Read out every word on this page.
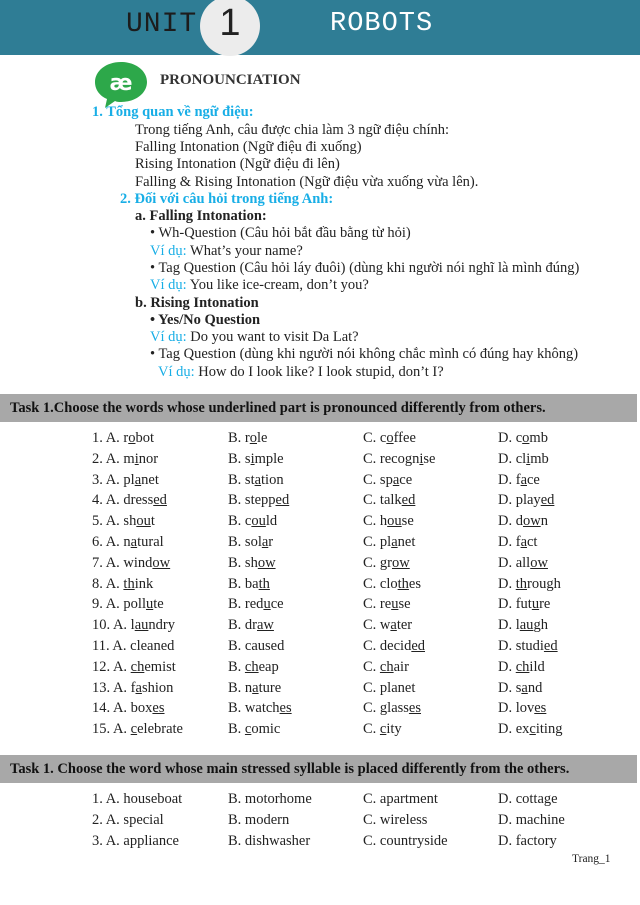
UNIT 1	ROBOTS
æ PRONOUNCIATION
1. Tổng quan về ngữ điệu:
Trong tiếng Anh, câu được chia làm 3 ngữ điệu chính:
Falling Intonation (Ngữ điệu đi xuống)
Rising Intonation (Ngữ điệu đi lên)
Falling & Rising Intonation (Ngữ điệu vừa xuống vừa lên).
2. Đối với câu hỏi trong tiếng Anh:
a. Falling Intonation:
• Wh-Question (Câu hỏi bắt đầu bằng từ hỏi)
Ví dụ: What’s your name?
• Tag Question (Câu hỏi láy đuôi) (dùng khi người nói nghĩ là mình đúng)
Ví dụ: You like ice-cream, don’t you?
b. Rising Intonation
• Yes/No Question
Ví dụ: Do you want to visit Da Lat?
• Tag Question (dùng khi người nói không chắc mình có đúng hay không)
Ví dụ: How do I look like? I look stupid, don’t I?
Task 1.Choose the words whose underlined part is pronounced differently from others.
1. A. robot	B. role	C. coffee	D. comb
2. A. minor	B. simple	C. recognise	D. climb
3. A. planet	B. station	C. space	D. face
4. A. dressed	B. stepped	C. talked	D. played
5. A. shout	B. could	C. house	D. down
6. A. natural	B. solar	C. planet	D. fact
7. A. window	B. show	C. grow	D. allow
8. A. think	B. bath	C. clothes	D. through
9. A. pollute	B. reduce	C. reuse	D. future
10. A. laundry	B. draw	C. water	D. laugh
11. A. cleaned	B. caused	C. decided	D. studied
12. A. chemist	B. cheap	C. chair	D. child
13. A. fashion	B. nature	C. planet	D. sand
14. A. boxes	B. watches	C. glasses	D. loves
15. A. celebrate	B. comic	C. city	D. exciting
Task 1. Choose the word whose main stressed syllable is placed differently from the others.
1. A. houseboat	B. motorhome	C. apartment	D. cottage
2. A. special	B. modern	C. wireless	D. machine
3. A. appliance	B. dishwasher	C. countryside	D. factory
Trang_1
